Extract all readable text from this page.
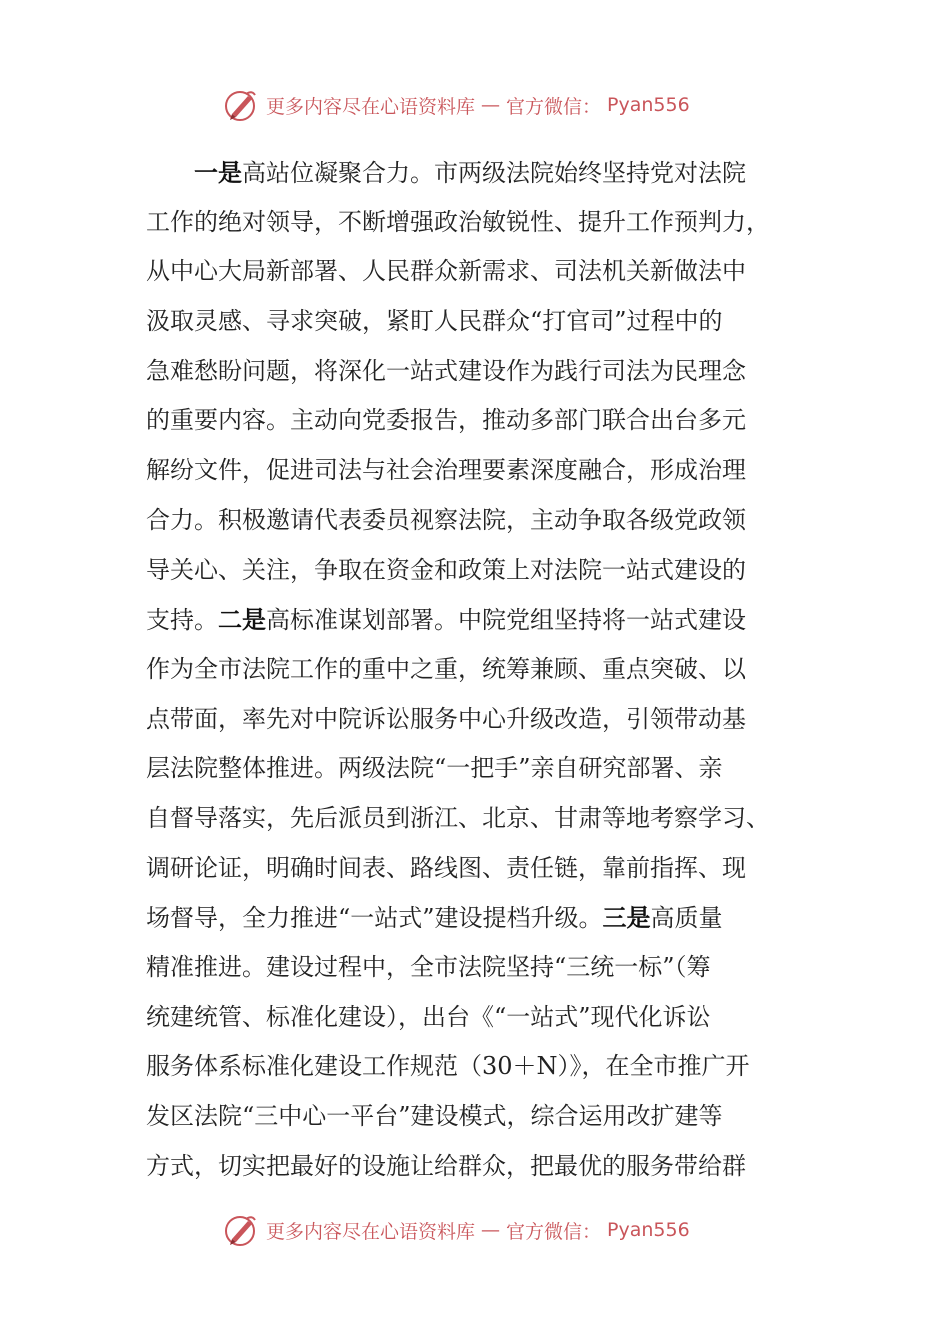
更多内容尽在心语资料库 — 官方微信： Pyan556
一是高站位凝聚合力。市两级法院始终坚持党对法院
工作的绝对领导，不断增强政治敏锐性、提升工作预判力，
从中心大局新部署、人民群众新需求、司法机关新做法中
汲取灵感、寻求突破，紧盯人民群众“打官司”过程中的
急难愁盼问题，将深化一站式建设作为践行司法为民理念
的重要内容。主动向党委报告，推动多部门联合出台多元
解纷文件，促进司法与社会治理要素深度融合，形成治理
合力。积极邀请代表委员视察法院，主动争取各级党政领
导关心、关注，争取在资金和政策上对法院一站式建设的
支持。二是高标准谋划部署。中院党组坚持将一站式建设
作为全市法院工作的重中之重，统筹兼顾、重点突破、以
点带面，率先对中院诉讼服务中心升级改造，引领带动基
层法院整体推进。两级法院“一把手”亲自研究部署、亲
自督导落实，先后派员到浙江、北京、甘肃等地考察学习、
调研论证，明确时间表、路线图、责任链，靠前指挥、现
场督导，全力推进“一站式”建设提档升级。三是高质量
精准推进。建设过程中，全市法院坚持“三统一标”（筹
统建统管、标准化建设），出台《“一站式”现代化诉讼
服务体系标准化建设工作规范（30＋N）》，在全市推广开
发区法院“三中心一平台”建设模式，综合运用改扩建等
方式，切实把最好的设施让给群众，把最优的服务带给群
更多内容尽在心语资料库 — 官方微信： Pyan556
